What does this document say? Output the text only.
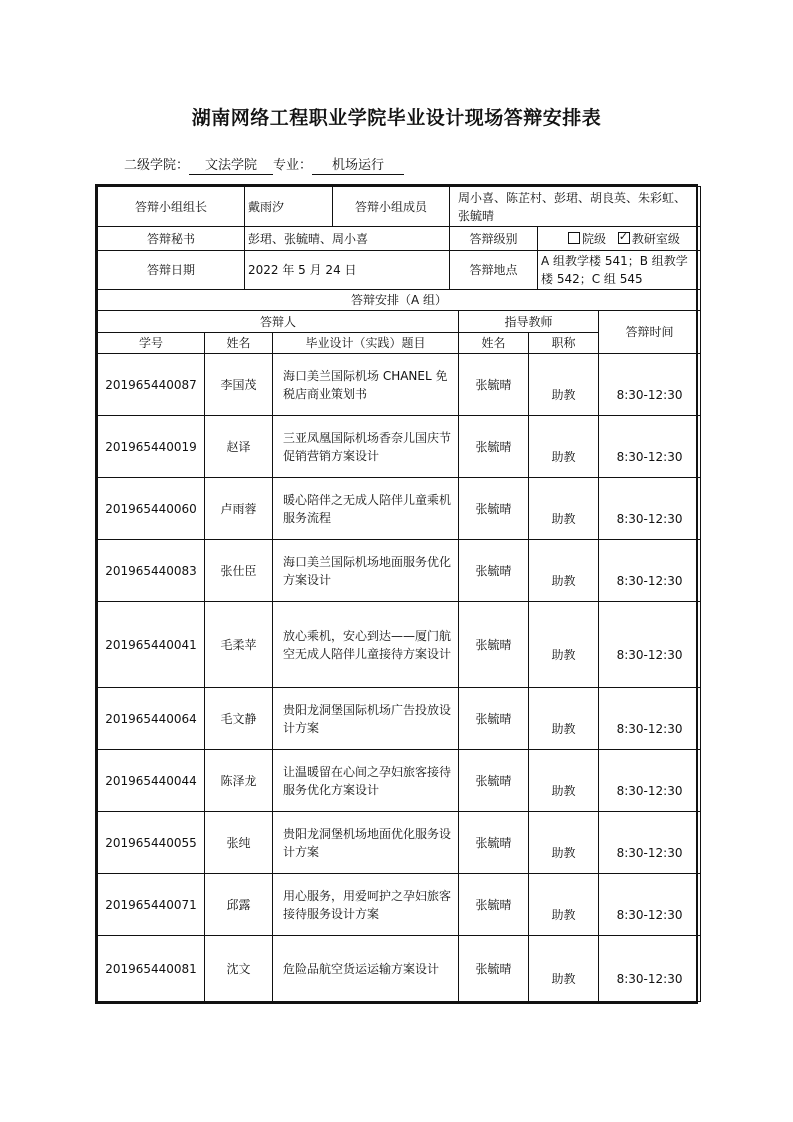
湖南网络工程职业学院毕业设计现场答辩安排表
二级学院： 文法学院 专业： 机场运行
答辩小组组长	戴雨汐	答辩小组成员	周小喜、陈芷村、彭珺、胡良英、朱彩虹、张毓晴	
答辩秘书	彭珺、张毓晴、周小喜		答辩级别	院级 ✓ 教研室级
答辩日期	2022 年 5 月 24 日		答辩地点	A 组教学楼 541；B 组教学楼 542；C 组 545
答辩安排（A 组）				
答辩人			指导教师		答辩时间
学号	姓名	毕业设计（实践）题目	姓名	职称	
201965440087	李国茂	海口美兰国际机场 CHANEL 免税店商业策划书	张毓晴	助教	8:30-12:30
201965440019	赵译	三亚凤凰国际机场香奈儿国庆节促销营销方案设计	张毓晴	助教	8:30-12:30
201965440060	卢雨蓉	暖心陪伴之无成人陪伴儿童乘机服务流程	张毓晴	助教	8:30-12:30
201965440083	张仕臣	海口美兰国际机场地面服务优化方案设计	张毓晴	助教	8:30-12:30
201965440041	毛柔苹	放心乘机，安心到达——厦门航空无成人陪伴儿童接待方案设计	张毓晴	助教	8:30-12:30
201965440064	毛文静	贵阳龙洞堡国际机场广告投放设计方案	张毓晴	助教	8:30-12:30
201965440044	陈泽龙	让温暖留在心间之孕妇旅客接待服务优化方案设计	张毓晴	助教	8:30-12:30
201965440055	张纯	贵阳龙洞堡机场地面优化服务设计方案	张毓晴	助教	8:30-12:30
201965440071	邱露	用心服务，用爱呵护之孕妇旅客接待服务设计方案	张毓晴	助教	8:30-12:30
201965440081	沈文	危险品航空货运运输方案设计	张毓晴	助教	8:30-12:30
